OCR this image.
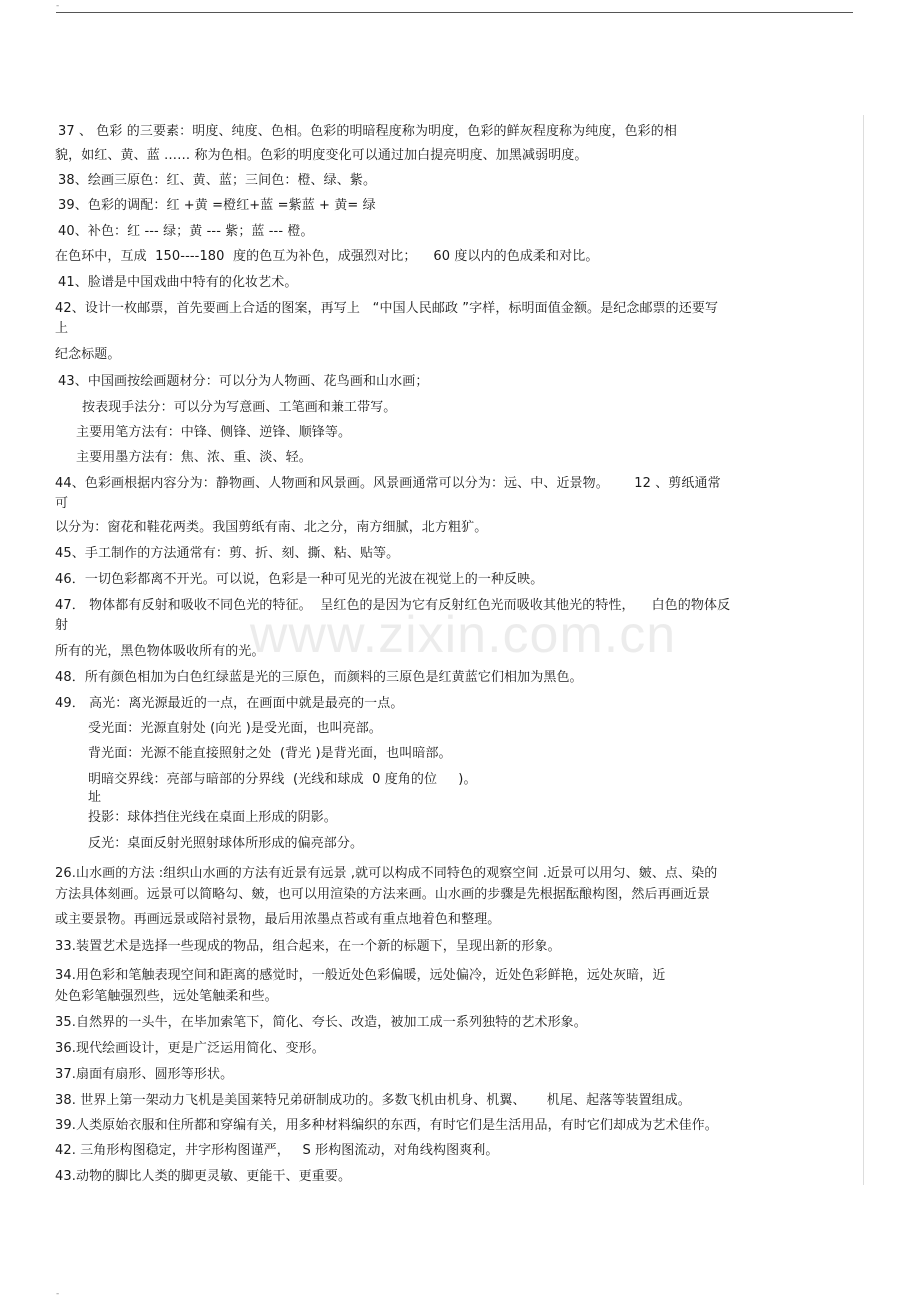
-
-
www.zixin.com.cn
37 、 色彩 的三要素：明度、纯度、色相。色彩的明暗程度称为明度，色彩的鲜灰程度称为纯度，色彩的相
貌，如红、黄、蓝 …… 称为色相。色彩的明度变化可以通过加白提亮明度、加黑减弱明度。
38、绘画三原色：红、黄、蓝；三间色：橙、绿、紫。
39、色彩的调配：红 +黄 =橙红+蓝 =紫蓝 + 黄= 绿
40、补色：红 --- 绿；黄 --- 紫；蓝 --- 橙。
在色环中，互成  150----180  度的色互为补色，成强烈对比；    60 度以内的色成柔和对比。
41、脸谱是中国戏曲中特有的化妆艺术。
42、设计一枚邮票，首先要画上合适的图案，再写上   “中国人民邮政 ”字样，标明面值金额。是纪念邮票的还要写
上
纪念标题。
43、中国画按绘画题材分：可以分为人物画、花鸟画和山水画；
按表现手法分：可以分为写意画、工笔画和兼工带写。
主要用笔方法有：中锋、侧锋、逆锋、顺锋等。
主要用墨方法有：焦、浓、重、淡、轻。
44、色彩画根据内容分为：静物画、人物画和风景画。风景画通常可以分为：远、中、近景物。      12 、剪纸通常
可
以分为：窗花和鞋花两类。我国剪纸有南、北之分，南方细腻，北方粗犷。
45、手工制作的方法通常有：剪、折、刻、撕、粘、贴等。
46．一切色彩都离不开光。可以说，色彩是一种可见光的光波在视觉上的一种反映。
47． 物体都有反射和吸收不同色光的特征。  呈红色的是因为它有反射红色光而吸收其他光的特性，    白色的物体反
射
所有的光，黑色物体吸收所有的光。
48．所有颜色相加为白色红绿蓝是光的三原色，而颜料的三原色是红黄蓝它们相加为黑色。
49． 高光：离光源最近的一点，在画面中就是最亮的一点。
受光面：光源直射处 (向光 )是受光面，也叫亮部。
背光面：光源不能直接照射之处  (背光 )是背光面，也叫暗部。
明暗交界线：亮部与暗部的分界线  (光线和球成  0 度角的位     )。
址
投影：球体挡住光线在桌面上形成的阴影。
反光：桌面反射光照射球体所形成的偏亮部分。
26.山水画的方法 :组织山水画的方法有近景有远景 ,就可以构成不同特色的观察空间 .近景可以用匀、皴、点、染的
方法具体刻画。远景可以简略勾、皴，也可以用渲染的方法来画。山水画的步骤是先根据酝酿构图，然后再画近景
或主要景物。再画远景或陪衬景物，最后用浓墨点苔或有重点地着色和整理。
33.装置艺术是选择一些现成的物品，组合起来，在一个新的标题下，呈现出新的形象。
34.用色彩和笔触表现空间和距离的感觉时，一般近处色彩偏暖，远处偏冷，近处色彩鲜艳，远处灰暗，近
处色彩笔触强烈些，远处笔触柔和些。
35.自然界的一头牛，在毕加索笔下，简化、夸长、改造，被加工成一系列独特的艺术形象。
36.现代绘画设计，更是广泛运用简化、变形。
37.扇面有扇形、圆形等形状。
38. 世界上第一架动力飞机是美国莱特兄弟研制成功的。多数飞机由机身、机翼、     机尾、起落等装置组成。
39.人类原始衣服和住所都和穿编有关，用多种材料编织的东西，有时它们是生活用品，有时它们却成为艺术佳作。
42. 三角形构图稳定，井字形构图谨严，   S 形构图流动，对角线构图爽利。
43.动物的脚比人类的脚更灵敏、更能干、更重要。
